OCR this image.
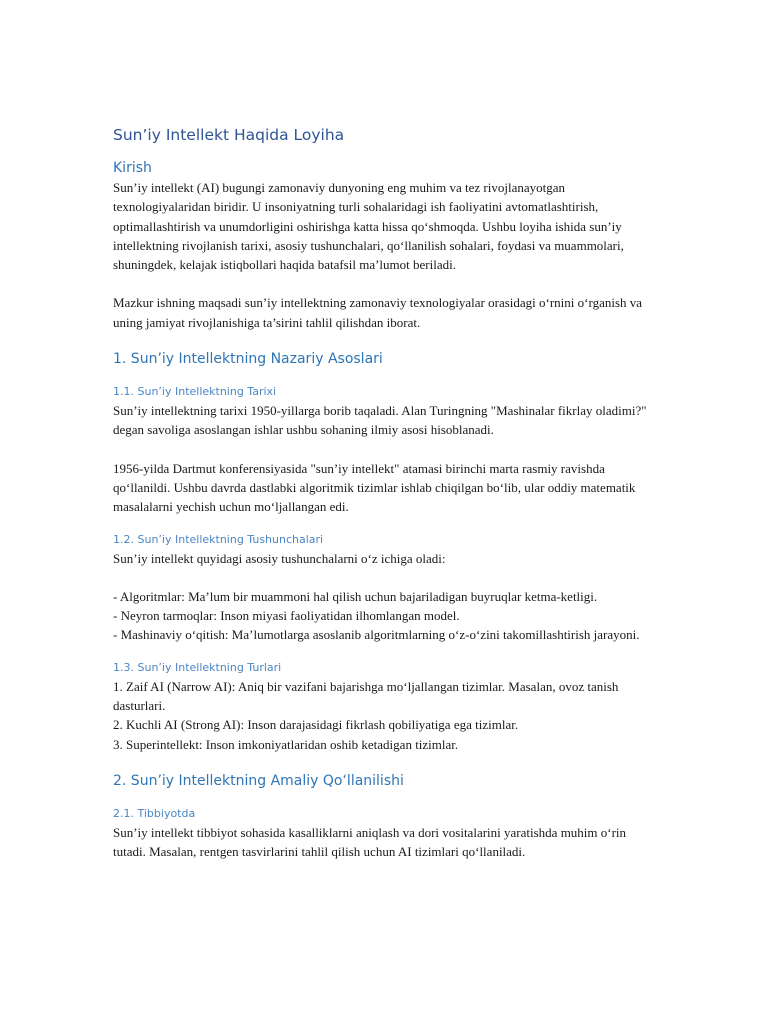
Sun’iy Intellekt Haqida Loyiha
Kirish

Sun’iy intellekt (AI) bugungi zamonaviy dunyoning eng muhim va tez rivojlanayotgan texnologiyalaridan biridir. U insoniyatning turli sohalaridagi ish faoliyatini avtomatlashtirish, optimallashtirish va unumdorligini oshirishga katta hissa qo‘shmoqda. Ushbu loyiha ishida sun’iy intellektning rivojlanish tarixi, asosiy tushunchalari, qo‘llanilish sohalari, foydasi va muammolari, shuningdek, kelajak istiqbollari haqida batafsil ma’lumot beriladi.

Mazkur ishning maqsadi sun’iy intellektning zamonaviy texnologiyalar orasidagi o‘rnini o‘rganish va uning jamiyat rivojlanishiga ta’sirini tahlil qilishdan iborat.

1. Sun’iy Intellektning Nazariy Asoslari
1.1. Sun’iy Intellektning Tarixi

Sun’iy intellektning tarixi 1950-yillarga borib taqaladi. Alan Turingning "Mashinalar fikrlay oladimi?" degan savoliga asoslangan ishlar ushbu sohaning ilmiy asosi hisoblanadi.

1956-yilda Dartmut konferensiyasida "sun’iy intellekt" atamasi birinchi marta rasmiy ravishda qo‘llanildi. Ushbu davrda dastlabki algoritmik tizimlar ishlab chiqilgan bo‘lib, ular oddiy matematik masalalarni yechish uchun mo‘ljallangan edi.

1.2. Sun’iy Intellektning Tushunchalari

Sun’iy intellekt quyidagi asosiy tushunchalarni o‘z ichiga oladi:

- Algoritmlar: Ma’lum bir muammoni hal qilish uchun bajariladigan buyruqlar ketma-ketligi.

- Neyron tarmoqlar: Inson miyasi faoliyatidan ilhomlangan model.

- Mashinaviy o‘qitish: Ma’lumotlarga asoslanib algoritmlarning o‘z-o‘zini takomillashtirish jarayoni.

1.3. Sun’iy Intellektning Turlari

1. Zaif AI (Narrow AI): Aniq bir vazifani bajarishga mo‘ljallangan tizimlar. Masalan, ovoz tanish dasturlari.

2. Kuchli AI (Strong AI): Inson darajasidagi fikrlash qobiliyatiga ega tizimlar.

3. Superintellekt: Inson imkoniyatlaridan oshib ketadigan tizimlar.

2. Sun’iy Intellektning Amaliy Qo‘llanilishi
2.1. Tibbiyotda

Sun’iy intellekt tibbiyot sohasida kasalliklarni aniqlash va dori vositalarini yaratishda muhim o‘rin tutadi. Masalan, rentgen tasvirlarini tahlil qilish uchun AI tizimlari qo‘llaniladi.
